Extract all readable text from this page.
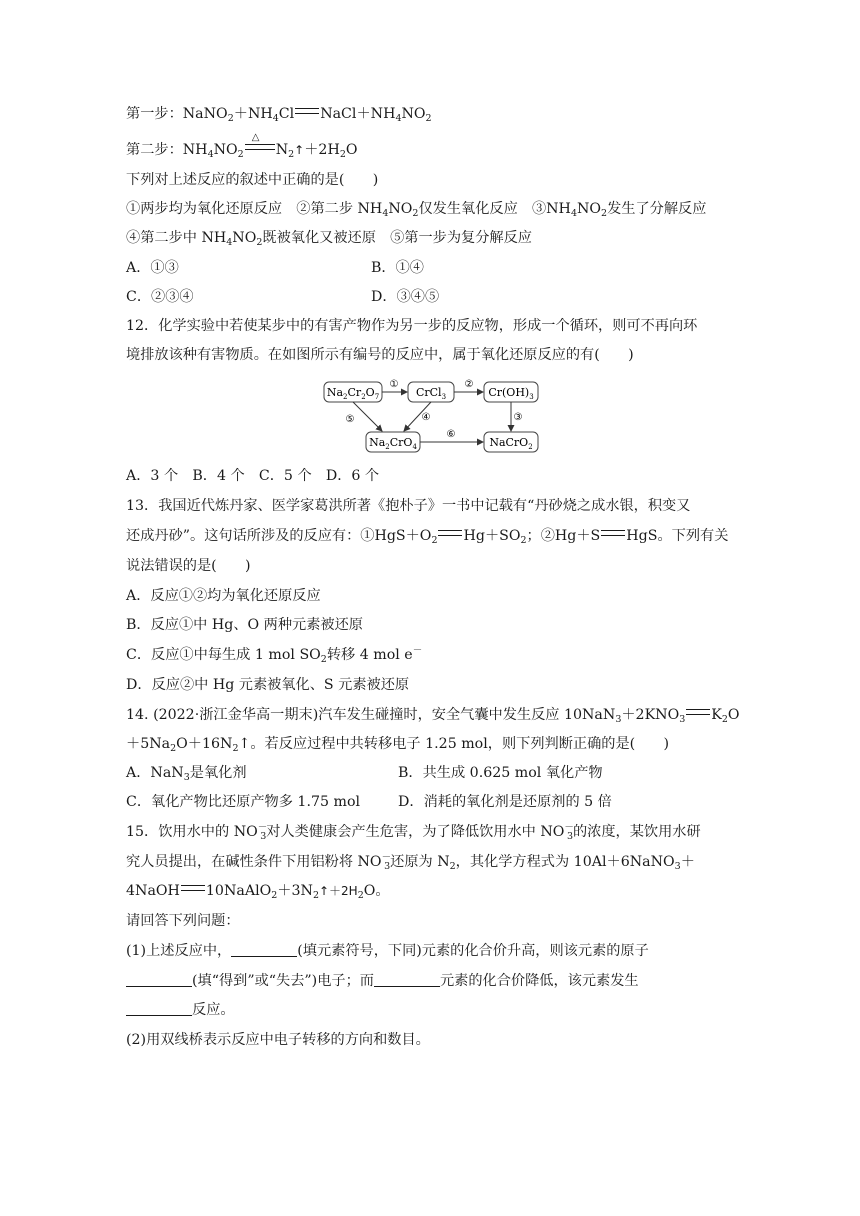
第一步：$NaNO_2+NH_4Cl$ $NaCl+NH_4NO_2$
第二步：$NH_4NO_2$
△
$N_2↑+2H_2O$
下列对上述反应的叙述中正确的是(　　)
①两步均为氧化还原反应　②第二步 $NH_4NO_2$仅发生氧化反应　$③NH_4NO_2$发生了分解反应
④第二步中 $NH_4NO_2$既被氧化又被还原　⑤第一步为复分解反应
A．①③	B．①④
C．②③④	D．③④⑤
12．化学实验中若使某步中的有害产物作为另一步的反应物，形成一个循环，则可不再向环
境排放该种有害物质。在如图所示有编号的反应中，属于氧化还原反应的有(　　)
$Na_2Cr_2O_7$	CrCl$_3$	$Cr(OH)_3$
$Na_2CrO_4$	NaCrO$_2$
①	②
③
④
⑤
⑥
A．3 个　B．4 个　C．5 个　D．6 个
13．我国近代炼丹家、医学家葛洪所著《抱朴子》一书中记载有“丹砂烧之成水银，积变又
还成丹砂”。这句话所涉及的反应有：$①HgS+O_2$ $Hg+SO_2$；②Hg＋S HgS。下列有关
说法错误的是(　　)
A．反应①②均为氧化还原反应
B．反应①中 Hg、O 两种元素被还原
C．反应①中每生成 1 mol $SO_2$转移 4 mol e－
D．反应②中 Hg 元素被氧化、S 元素被还原
14. (2022·浙江金华高一期末)汽车发生碰撞时，安全气囊中发生反应 $10NaN_3+2KNO_3$ $K_2O$
$+5Na_2O+16N_2↑$。若反应过程中共转移电子 1.25 mol，则下列判断正确的是(　　)
A．NaN$_3$是氧化剂	B．共生成 0.625 mol 氧化产物
C．氧化产物比还原产物多 1.75 mol	D．消耗的氧化剂是还原剂的 5 倍
15．饮用水中的 $NO^-_3$对人类健康会产生危害，为了降低饮用水中 $NO^-_3$的浓度，某饮用水研
究人员提出，在碱性条件下用铝粉将 $NO^-_3$还原为 $N_2$，其化学方程式为 10Al＋6NaNO$_3$＋
4NaOH $10NaAlO_2+3N_2↑+2H_2O$。
请回答下列问题：
(1)上述反应中，	(填元素符号，下同)元素的化合价升高，则该元素的原子
(填“得到”或“失去”)电子；而	元素的化合价降低，该元素发生
反应。
(2)用双线桥表示反应中电子转移的方向和数目。
